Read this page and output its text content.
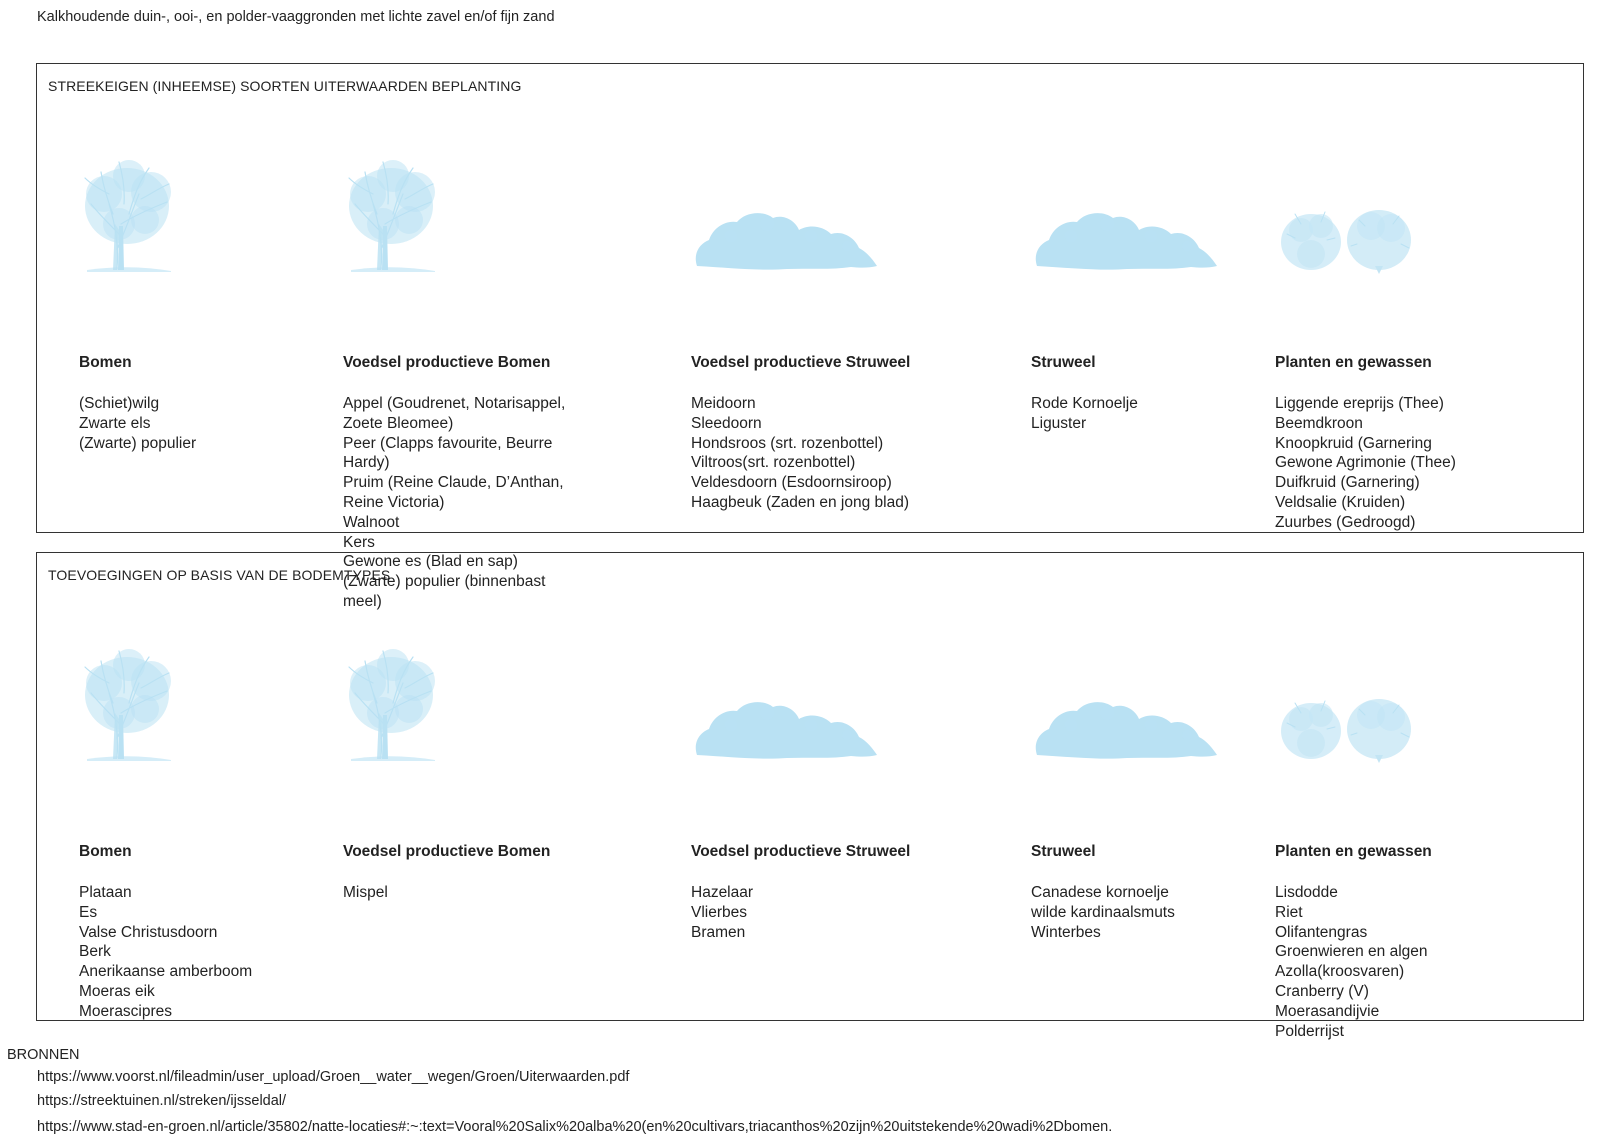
Kalkhoudende duin-, ooi-, en polder-vaaggronden met lichte zavel en/of fijn zand
STREEKEIGEN (INHEEMSE) SOORTEN UITERWAARDEN BEPLANTING
Bomen
(Schiet)wilg
Zwarte els
(Zwarte) populier
Voedsel productieve Bomen
Appel (Goudrenet, Notarisappel,
Zoete Bleomee)
Peer (Clapps favourite, Beurre
Hardy)
Pruim (Reine Claude, D’Anthan,
Reine Victoria)
Walnoot
Kers
Gewone es (Blad en sap)
(Zwarte) populier (binnenbast
meel)
Voedsel productieve Struweel
Meidoorn
Sleedoorn
Hondsroos (srt. rozenbottel)
Viltroos(srt. rozenbottel)
Veldesdoorn (Esdoornsiroop)
Haagbeuk (Zaden en jong blad)
Struweel
Rode Kornoelje
Liguster
Planten en gewassen
Liggende ereprijs (Thee)
Beemdkroon
Knoopkruid (Garnering
Gewone Agrimonie (Thee)
Duifkruid (Garnering)
Veldsalie (Kruiden)
Zuurbes (Gedroogd)
TOEVOEGINGEN OP BASIS VAN DE BODEMTYPES
Bomen
Plataan
Es
Valse Christusdoorn
Berk
Anerikaanse amberboom
Moeras eik
Moerascipres
Voedsel productieve Bomen
Mispel
Voedsel productieve Struweel
Hazelaar
Vlierbes
Bramen
Struweel
Canadese kornoelje
wilde kardinaalsmuts
Winterbes
Planten en gewassen
Lisdodde
Riet
Olifantengras
Groenwieren en algen
Azolla(kroosvaren)
Cranberry (V)
Moerasandijvie
Polderrijst
BRONNEN
https://www.voorst.nl/fileadmin/user_upload/Groen__water__wegen/Groen/Uiterwaarden.pdf
https://streektuinen.nl/streken/ijsseldal/
https://www.stad-en-groen.nl/article/35802/natte-locaties#:~:text=Vooral%20Salix%20alba%20(en%20cultivars,triacanthos%20zijn%20uitstekende%20wadi%2Dbomen.
